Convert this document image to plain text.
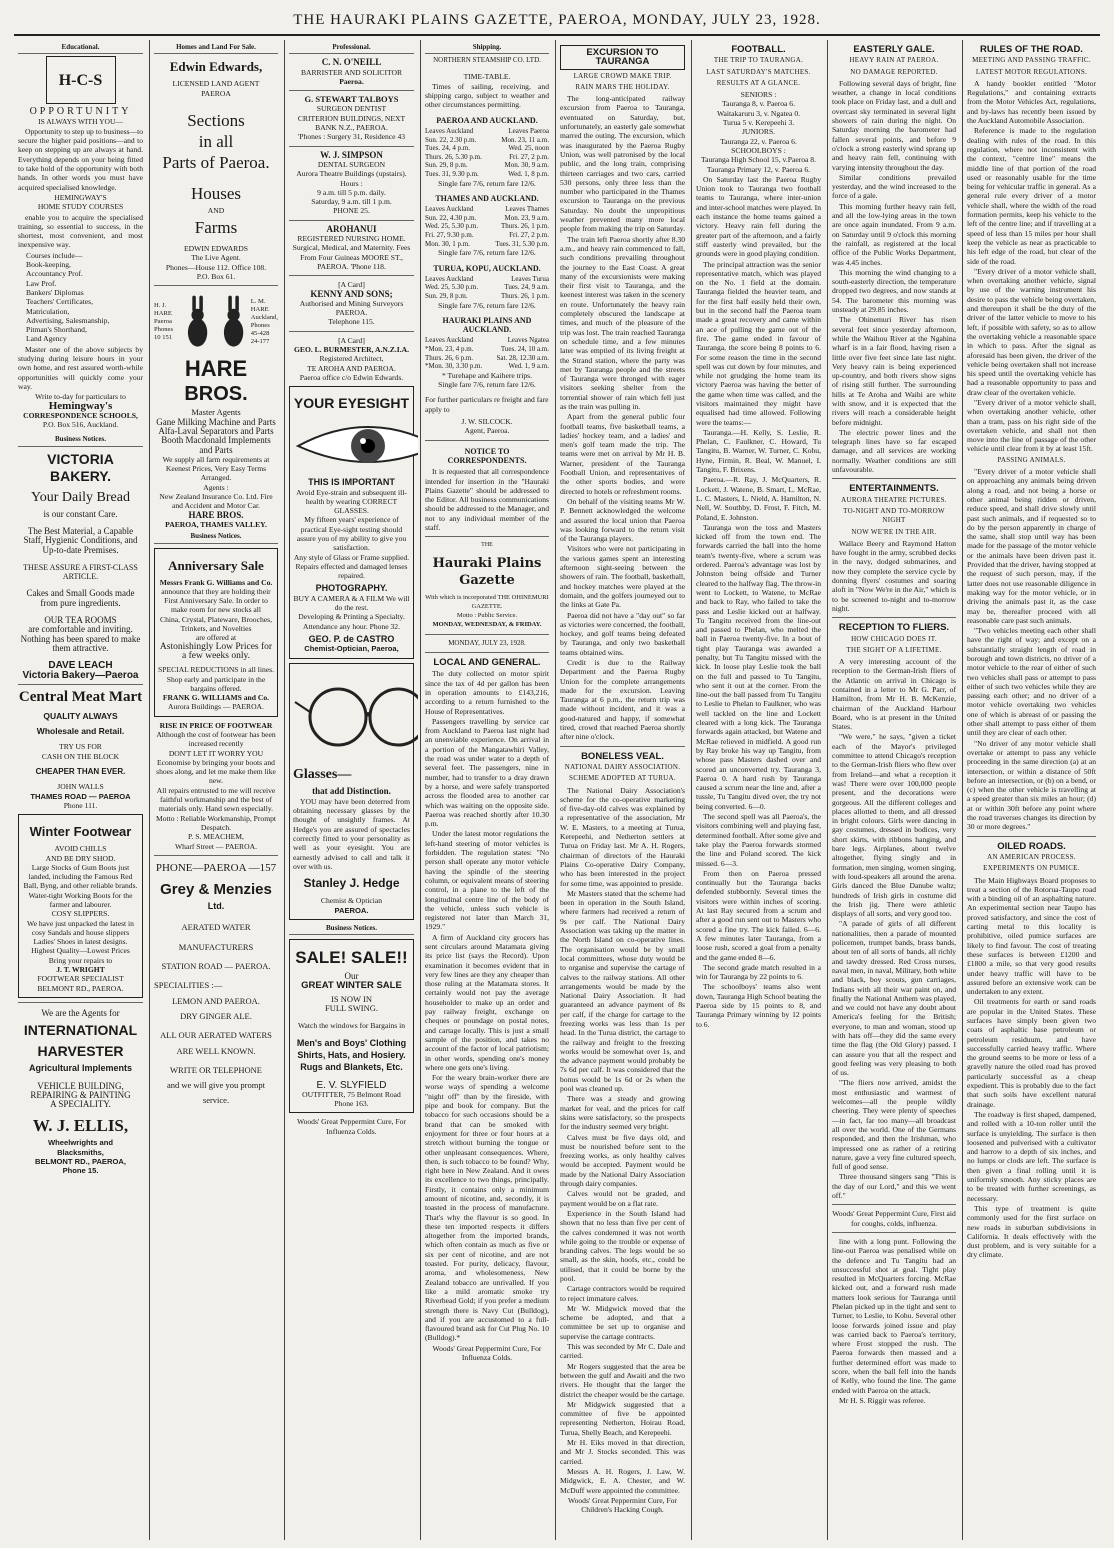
THE HAURAKI PLAINS GAZETTE, PAEROA, MONDAY, JULY 23, 1928.
Educational.
H-C-S
OPPORTUNITY
IS ALWAYS WITH YOU—
Opportunity to step up to business—to secure the higher paid positions—and to keep on stepping up are always at hand. Everything depends on your being fitted to take hold of the opportunity with both hands. In other words you must have acquired specialised knowledge.
HEMINGWAY'S
HOME STUDY COURSES
enable you to acquire the specialised training, so essential to success, in the shortest, most convenient, and most inexpensive way.
Courses include—
Book-keeping,
Accountancy Prof.
Law Prof.
Bankers' Diplomas
Teachers' Certificates,
Matriculation,
Advertising, Salesmanship,
Pitman's Shorthand,
Land Agency
Master one of the above subjects by studying during leisure hours in your own home, and rest assured worth-while opportunities will quickly come your way.
Write to-day for particulars to
Hemingway's
CORRESPONDENCE SCHOOLS,
P.O. Box 516, Auckland.
Business Notices.
VICTORIA BAKERY.
Your Daily Bread
is our constant Care.
The Best Material, a Capable Staff, Hygienic Conditions, and Up-to-date Premises.
THESE ASSURE A FIRST-CLASS ARTICLE.
Cakes and Small Goods made from pure ingredients.
OUR TEA ROOMS
are comfortable and inviting. Nothing has been spared to make them attractive.
DAVE LEACH
Victoria Bakery—Paeroa
Central Meat Mart
QUALITY ALWAYS
Wholesale and Retail.
TRY US FOR
CASH ON THE BLOCK
CHEAPER THAN EVER.
JOHN WALLS
THAMES ROAD — PAEROA
Phone 111.
Winter Footwear
AVOID CHILLS
AND BE DRY SHOD.
Large Stocks of Gum Boots just landed, including the Famous Red Ball, Byng, and other reliable brands.
Water-tight Working Boots for the farmer and labourer.
COSY SLIPPERS.
We have just unpacked the latest in cosy Sandals and house slippers Ladies' Shoes in latest designs. Highest Quality—Lowest Prices
Bring your repairs to
J. T. WRIGHT
FOOTWEAR SPECIALIST
BELMONT RD., PAEROA.
We are the Agents for
INTERNATIONAL
HARVESTER
Agricultural Implements
VEHICLE BUILDING,
REPAIRING & PAINTING
A SPECIALITY.
W. J. ELLIS,
Wheelwrights and
Blacksmiths,
BELMONT RD., PAEROA,
Phone 15.
Homes and Land For Sale.
Edwin Edwards,
LICENSED LAND AGENT
PAEROA
Sections
in all
Parts of Paeroa.
Houses
AND
Farms
EDWIN EDWARDS
The Live Agent.
Phones—House 112. Office 108.
P.O. Box 61.
H. J. HARE Paeroa Phones 10 151
L. M. HARE Auckland, Phones 45-428 24-177
HARE
BROS.
Master Agents
Gane Milking Machine and Parts
Alfa-Laval Separators and Parts
Booth Macdonald Implements and Parts
We supply all farm requirements at Keenest Prices, Very Easy Terms Arranged.
Agents :
New Zealand Insurance Co. Ltd. Fire and Accident and Motor Car.
HARE BROS.
PAEROA, THAMES VALLEY.
Business Notices.
Anniversary Sale
Messrs Frank G. Williams and Co.
announce that they are holding their First Anniversary Sale. In order to make room for new stocks all
China, Crystal, Plateware, Brooches, Trinkets, and Novelties
are offered at
Astonishingly Low Prices for a few weeks only.
SPECIAL REDUCTIONS in all lines.
Shop early and participate in the bargains offered.
FRANK G. WILLIAMS and Co.
Aurora Buildings — PAEROA.
RISE IN PRICE OF FOOTWEAR
Although the cost of footwear has been increased recently
DON'T LET IT WORRY YOU
Economise by bringing your boots and shoes along, and let me make them like new.
All repairs entrusted to me will receive faithful workmanship and the best of materials only. Hand sewn especially.
Motto : Reliable Workmanship, Prompt Despatch.
P. S. MEACHEM,
Wharf Street — PAEROA.
PHONE—PAEROA —157
Grey & Menzies
Ltd.
AERATED WATER
MANUFACTURERS
STATION ROAD — PAEROA.
SPECIALITIES :—
LEMON AND PAEROA.
DRY GINGER ALE.
ALL OUR AERATED WATERS
ARE WELL KNOWN.
WRITE OR TELEPHONE
and we will give you prompt
service.
Professional.
C. N. O'NEILL
BARRISTER AND SOLICITOR
Paeroa.
G. STEWART TALBOYS
SURGEON DENTIST
CRITERION BUILDINGS, NEXT BANK N.Z., PAEROA.
'Phones : Surgery 31, Residence 43
W. J. SIMPSON
DENTAL SURGEON
Aurora Theatre Buildings (upstairs).
Hours :
9 a.m. till 5 p.m. daily.
Saturday, 9 a.m. till 1 p.m.
PHONE 25.
AROHANUI
REGISTERED NURSING HOME.
Surgical, Medical, and Maternity. Fees From Four Guineas MOORE ST., PAEROA. 'Phone 118.
[A Card]
KENNY AND SONS;
Authorised and Mining Surveyors PAEROA.
Telephone 115.
[A Card]
GEO. L. BURMESTER, A.N.Z.I.A.
Registered Architect,
TE AROHA AND PAEROA.
Paeroa office c/o Edwin Edwards.
YOUR EYESIGHT
THIS IS IMPORTANT
Avoid Eye-strain and subsequent ill-health by wearing CORRECT GLASSES.
My fifteen years' experience of practical Eye-sight testing should assure you of my ability to give you satisfaction.
Any style of Glass or Frame supplied.
Repairs effected and damaged lenses repaired.
PHOTOGRAPHY.
BUY A CAMERA & A FILM We will do the rest.
Developing & Printing a Specialty.
Attendance any hour. Phone 32.
GEO. P. de CASTRO
Chemist-Optician, Paeroa,
Glasses—
that add Distinction.
YOU may have been deterred from obtaining necessary glasses by the thought of unsightly frames. At Hedge's you are assured of spectacles correctly fitted to your personality as well as your eyesight. You are earnestly advised to call and talk it over with us.
Stanley J. Hedge
Chemist & Optician
PAEROA.
Business Notices.
SALE! SALE!!
Our
GREAT WINTER SALE
IS NOW IN
FULL SWING.
Watch the windows for Bargains in
Men's and Boys' Clothing Shirts, Hats, and Hosiery. Rugs and Blankets, Etc.
E. V. SLYFIELD
OUTFITTER, 75 Belmont Road Phone 163.
Woods' Great Peppermint Cure, For Influenza Colds.
Shipping.
NORTHERN STEAMSHIP CO. LTD.
TIME-TABLE.
Times of sailing, receiving, and shipping cargo, subject to weather and other circumstances permitting.
PAEROA AND AUCKLAND.
Leaves Auckland	Leaves Paeroa
Sun. 22, 2.30 p.m.	Mon. 23, 11 a.m.
Tues. 24, 4 p.m.	Wed. 25, noon
Thurs. 26, 5.30 p.m.	Fri. 27, 2 p.m.
Sun. 29, 8 p.m.	Mon. 30, 9 a.m.
Tues. 31, 9.30 p.m.	Wed. 1, 8 p.m.
Single fare 7/6, return fare 12/6.
THAMES AND AUCKLAND.
Leaves Auckland	Leaves Thames
Sun. 22, 4.30 p.m.	Mon. 23, 9 a.m.
Wed. 25, 5.30 p.m.	Thurs. 26, 1 p.m.
Fri. 27, 9.30 p.m.	Fri. 27, 2 p.m.
Mon. 30, 1 p.m.	Tues. 31, 5.30 p.m.
Single fare 7/6, return fare 12/6.
TURUA, KOPU, AUCKLAND.
Leaves Auckland	Leaves Turua
Wed. 25, 5.30 p.m.	Tues. 24, 9 a.m.
Sun. 29, 8 p.m.	Thurs. 26, 1 p.m.
Single fare 7/6, return fare 12/6.
HAURAKI PLAINS AND AUCKLAND.
Leaves Auckland	Leaves Ngatea
*Mon. 23, 4 p.m.	Tues. 24, 10 a.m.
Thurs. 26, 6 p.m.	Sat. 28, 12.30 a.m.
*Mon. 30, 3.30 p.m.	Wed. 1, 9 a.m.
* Turehape and Kaihere trips.
Single fare 7/6, return fare 12/6.
For further particulars re freight and fare apply to
J. W. SILCOCK.
Agent, Paeroa.
NOTICE TO CORRESPONDENTS.
It is requested that all correspondence intended for insertion in the "Hauraki Plains Gazette" should be addressed to the Editor. All business communications should be addressed to the Manager, and not to any individual member of the staff.
THE
Hauraki Plains Gazette
With which is incorporated THE OHINEMURI GAZETTE.
Motto : Public Service.
MONDAY, WEDNESDAY, & FRIDAY.
MONDAY, JULY 23, 1928.
LOCAL AND GENERAL.
The duty collected on motor spirit since the tax of 4d per gallon has been in operation amounts to £143,216, according to a return furnished to the House of Representatives.
Passengers travelling by service car from Auckland to Paeroa last night had an unenviable experience. On arrival in a portion of the Mangatawhiri Valley, the road was under water to a depth of several feet. The passengers, nine in number, had to transfer to a dray drawn by a horse, and were safely transported across the flooded area to another car which was waiting on the opposite side. Paeroa was reached shortly after 10.30 p.m.
Under the latest motor regulations the left-hand steering of motor vehicles is forbidden. The regulation states: "No person shall operate any motor vehicle having the spindle of the steering column, or equivalent means of steering control, in a plane to the left of the longitudinal centre line of the body of the vehicle, unless such vehicle is registered not later than March 31, 1929."
A firm of Auckland city grocers has sent circulars around Matamata giving its price list (says the Record). Upon examination it becomes evident that in very few lines are they any cheaper than those ruling at the Matamata stores. It certainly would not pay the average householder to make up an order and pay railway freight, exchange on cheques or poundage on postal notes, and cartage locally. This is just a small sample of the position, and takes no account of the factor of local patriotism; in other words, spending one's money where one gets one's living.
For the weary brain-worker there are worse ways of spending a welcome "night off" than by the fireside, with pipe and book for company. But the tobacco for such occasions should be a brand that can be smoked with enjoyment for three or four hours at a stretch without burning the tongue or other unpleasant consequences. Where, then, is such tobacco to be found? Why, right here in New Zealand. And it owes its excellence to two things, principally. Firstly, it contains only a minimum amount of nicotine, and, secondly, it is toasted in the process of manufacture. That's why the flavour is so good. In these ten imported respects it differs altogether from the imported brands, which often contain as much as five or six per cent of nicotine, and are not toasted. For purity, delicacy, flavour, aroma, and wholesomeness, New Zealand tobacco are unrivalled. If you like a mild aromatic smoke try Riverhead Gold; if you prefer a medium strength there is Navy Cut (Bulldog), and if you are accustomed to a full-flavoured brand ask for Cut Plug No. 10 (Bulldog).*
Woods' Great Peppermint Cure, For Influenza Colds.
EXCURSION TO TAURANGA
LARGE CROWD MAKE TRIP.
RAIN MARS THE HOLIDAY.
The long-anticipated railway excursion from Paeroa to Tauranga, eventuated on Saturday, but, unfortunately, an easterly gale somewhat marred the outing. The excursion, which was inaugurated by the Paeroa Rugby Union, was well patronised by the local public, and the long train, comprising thirteen carriages and two cars, carried 530 persons, only three less than the number who participated in the Thames excursion to Tauranga on the previous Saturday. No doubt the unpropitious weather prevented many more local people from making the trip on Saturday.
The train left Paeroa shortly after 8.30 a.m., and heavy rain commenced to fall, such conditions prevailing throughout the journey to the East Coast. A great many of the excursionists were making their first visit to Tauranga, and the keenest interest was taken in the scenery en route. Unfortunately the heavy rain completely obscured the landscape at times, and much of the pleasure of the trip was lost. The train reached Tauranga on schedule time, and a few minutes later was emptied of its living freight at the Strand station, where the party was met by Tauranga people and the streets of Tauranga were thronged with eager visitors seeking shelter from the torrential shower of rain which fell just as the train was pulling in.
Apart from the general public four football teams, five basketball teams, a ladies' hockey team, and a ladies' and men's golf team made the trip. The teams were met on arrival by Mr H. B. Warner, president of the Tauranga Football Union, and representatives of the other sports bodies, and were directed to hotels or refreshment rooms.
On behalf of the visiting teams Mr W. P. Bennett acknowledged the welcome and assured the local union that Paeroa was looking forward to the return visit of the Tauranga players.
Visitors who were not participating in the various games spent an interesting afternoon sight-seeing between the showers of rain. The football, basketball, and hockey matches were played at the domain, and the golfers journeyed out to the links at Gate Pa.
Paeroa did not have a "day out" so far as victories were concerned, the football, hockey, and golf teams being defeated by Tauranga, and only two basketball teams obtained wins.
Credit is due to the Railway Department and the Paeroa Rugby Union for the complete arrangements made for the excursion. Leaving Tauranga at 6 p.m., the return trip was made without incident, and it was a good-natured and happy, if somewhat tired, crowd that reached Paeroa shortly after nine o'clock.
BONELESS VEAL.
NATIONAL DAIRY ASSOCIATION.
SCHEME ADOPTED AT TURUA.
The National Dairy Association's scheme for the co-operative marketing of five-day-old calves was explained by a representative of the association, Mr W. E. Masters, to a meeting at Turua, Kerepeehi, and Netherton settlers at Turua on Friday last. Mr A. H. Rogers, chairman of directors of the Hauraki Plains Co-operative Dairy Company, who has been interested in the project for some time, was appointed to preside.
Mr Masters stated that the scheme had been in operation in the South Island, where farmers had received a return of 9s per calf. The National Dairy Association was taking up the matter in the North Island on co-operative lines. The organisation would be by small local committees, whose duty would be to organise and supervise the cartage of calves to the railway stations. All other arrangements would be made by the National Dairy Association. It had guaranteed an advance payment of 8s per calf, if the charge for cartage to the freezing works was less than 1s per head. In the Turua district, the cartage to the railway and freight to the freezing works would be somewhat over 1s, and the advance payment would probably be 7s 6d per calf. It was considered that the bonus would be 1s 6d or 2s when the pool was cleaned up.
There was a steady and growing market for veal, and the prices for calf skins were satisfactory, so the prospects for the industry seemed very bright.
Calves must be five days old, and must be nourished before sent to the freezing works, as only healthy calves would be accepted. Payment would be made by the National Dairy Association through dairy companies.
Calves would not be graded, and payment would be on a flat rate.
Experience in the South Island had shown that no less than five per cent of the calves condemned it was not worth while going to the trouble or expense of branding calves. The legs would be so small, as the skin, hoofs, etc., could be utilised, that it could be borne by the pool.
Cartage contractors would be required to reject immature calves.
Mr W. Midgwick moved that the scheme be adopted, and that a committee be set up to organise and supervise the cartage contracts.
This was seconded by Mr C. Dale and carried.
Mr Rogers suggested that the area be between the gulf and Awaiti and the two rivers. He thought that the larger the district the cheaper would be the cartage.
Mr Midgwick suggested that a committee of five be appointed representing Netherton, Hoirau Road, Turua, Shelly Beach, and Kerepeehi.
Mr H. Eiks moved in that direction, and Mr J. Stocks seconded. This was carried.
Messrs A. H. Rogers, J. Law, W. Midgwick, E. A. Chester, and W. McDuff were appointed the committee.
Woods' Great Peppermint Cure, For Children's Hacking Cough.
FOOTBALL.
THE TRIP TO TAURANGA.
LAST SATURDAY'S MATCHES.
RESULTS AT A GLANCE.
SENIORS :
Tauranga 8, v. Paeroa 6.
Waitakaruru 3, v. Ngatea 0.
Turua 5 v. Kerepeehi 3.
JUNIORS.
Tauranga 22, v. Paeroa 6.
SCHOOLBOYS :
Tauranga High School 15, v.Paeroa 8.
Tauranga Primary 12, v. Paeroa 6.
On Saturday last the Paeroa Rugby Union took to Tauranga two football teams to Tauranga, where inter-union and inter-school matches were played. In each instance the home teams gained a victory. Heavy rain fell during the greater part of the afternoon, and a fairly stiff easterly wind prevailed, but the grounds were in good playing condition.
The principal attraction was the senior representative match, which was played on the No. 1 field at the domain. Tauranga fielded the heavier team, and for the first half easily held their own, but in the second half the Paeroa team made a great recovery and came within an ace of pulling the game out of the fire. The game ended in favour of Tauranga, the score being 8 points to 6. For some reason the time in the second spell was cut down by four minutes, and while not grudging the home team its victory Paeroa was having the better of the game when time was called, and the visitors maintained they might have equalised had time allowed. Following were the teams:—
Tauranga.—H. Kelly, S. Leslie, R. Phelan, C. Faulkner, C. Howard, Tu Tangitu, B. Warner, W. Turner, C. Kohu, Hyne, Firmin, R. Beal, W. Manuel, I. Tangitu, F. Brixens.
Paeroa.—R. Ray, J. McQuarters, R. Lockett, J. Watene, B. Smart, L. McRae, L. C. Masters, L. Nield, A. Hamilton, N. Nell, W. Southby, D. Frost, F. Fitch, M. Poland, E. Johnston.
Tauranga won the toss and Masters kicked off from the town end. The forwards carried the ball into the home team's twenty-five, where a scrum was ordered. Paeroa's advantage was lost by Johnston being offside and Turner cleared to the halfway flag. The throw-in went to Lockett, to Watene, to McRae and back to Ray, who failed to take the pass and Leslie kicked out at halfway. Tu Tangitu received from the line-out and passed to Phelan, who melted the ball in Paeroa twenty-five. In a bout of tight play Tauranga was awarded a penalty, but Tu Tangitu missed with the kick. In loose play Leslie took the ball on the full and passed to Tu Tangitu, who sent it out at the corner. From the line-out the ball passed from Tu Tangitu to Leslie to Phelan to Faulkner, who was well tackled on the line and Lockett cleared with a long kick. The Tauranga forwards again attacked, but Watene and McRae relieved in midfield. A good run by Ray broke his way up Tangitu, from whose pass Masters dashed over and scored an unconverted try. Tauranga 3, Paeroa 0. A hard rush by Tauranga caused a scrum near the line and, after a tussle, Tu Tangitu dived over, the try not being converted. 6—0.
The second spell was all Paeroa's, the visitors combining well and playing fast, determined football. After some give and take play the Paeroa forwards stormed the line and Poland scored. The kick missed. 6—3.
From then on Paeroa pressed continually but the Tauranga backs defended stubbornly. Several times the visitors were within inches of scoring. At last Ray secured from a scrum and after a good run sent out to Masters who scored a fine try. The kick failed. 6—6. A few minutes later Tauranga, from a loose rush, scored a goal from a penalty and the game ended 8—6.
The second grade match resulted in a win for Tauranga by 22 points to 6.
The schoolboys' teams also went down, Tauranga High School beating the Paeroa side by 15 points to 8, and Tauranga Primary winning by 12 points to 6.
EASTERLY GALE.
HEAVY RAIN AT PAEROA.
NO DAMAGE REPORTED.
Following several days of bright, fine weather, a change in local conditions took place on Friday last, and a dull and overcast sky terminated in several light showers of rain during the night. On Saturday morning the barometer had fallen several points, and before 9 o'clock a strong easterly wind sprang up and heavy rain fell, continuing with varying intensity throughout the day.
Similar conditions prevailed yesterday, and the wind increased to the force of a gale.
This morning further heavy rain fell, and all the low-lying areas in the town are once again inundated. From 9 a.m. on Saturday until 9 o'clock this morning the rainfall, as registered at the local office of the Public Works Department, was 4.45 inches.
This morning the wind changing to a south-easterly direction, the temperature dropped two degrees, and now stands at 54. The barometer this morning was unsteady at 29.85 inches.
The Ohinemuri River has risen several feet since yesterday afternoon, while the Waihou River at the Ngahina wharf is in a fair flood, having risen a little over five feet since late last night. Very heavy rain is being experienced up-country, and both rivers show signs of rising still further. The surrounding hills at Te Aroha and Waihi are white with snow, and it is expected that the rivers will reach a considerable height before midnight.
The electric power lines and the telegraph lines have so far escaped damage, and all services are working normally. Weather conditions are still unfavourable.
ENTERTAINMENTS.
AURORA THEATRE PICTURES.
TO-NIGHT AND TO-MORROW NIGHT
NOW WE'RE IN THE AIR.
Wallace Beery and Raymond Hatton have fought in the army, scrubbed decks in the navy, dodged submarines, and now they complete the service cycle by donning flyers' costumes and soaring aloft in "Now We're in the Air," which is to be screened to-night and to-morrow night.
RECEPTION TO FLIERS.
HOW CHICAGO DOES IT.
THE SIGHT OF A LIFETIME.
A very interesting account of the reception to the German-Irish fliers of the Atlantic on arrival in Chicago is contained in a letter to Mr G. Parr, of Hamilton, from Mr H. B. McKenzie, chairman of the Auckland Harbour Board, who is at present in the United States.
"We were," he says, "given a ticket each of the Mayor's privileged committee to attend Chicago's reception to the German-Irish fliers who flew over from Ireland—and what a reception it was! There were over 100,000 people present, and the decorations were gorgeous. All the different colleges and places allotted to them, and all dressed in bright colours. Girls were dancing in gay costumes, dressed in bodices, very short skirts, with ribbons hanging, and bare legs. Airplanes, about twelve altogether, flying singly and in formation, men singing, women singing, with loud-speakers all around the arena. Girls danced the Blue Danube waltz; hundreds of Irish girls in costume did the Irish jig. There were athletic displays of all sorts, and very good too.
"A parade of girls of all different nationalities, then a parade of mounted policemen, trumpet bands, brass bands, about ten of all sorts of bands, all richly and tawdry dressed. Red Cross nurses, naval men, in naval, Military, both white and black, boy scouts, gun carriages, Indians with all their war paint on, and finally the National Anthem was played, and we could not have any doubt about America's feeling for the British; everyone, to man and woman, stood up with hats off—they did the same every time the flag (the Old Glory) passed. I can assure you that all the respect and good feeling was very pleasing to both of us.
"The fliers now arrived, amidst the most enthusiastic and warmest of welcomes—all the people wildly cheering. They were plenty of speeches—in fact, far too many—all broadcast all over the world. One of the Germans responded, and then the Irishman, who impressed one as rather of a retiring nature, gave a very fine cultured speech, full of good sense.
Three thousand singers sang "This is the day of our Lord," and this we went off."
Woods' Great Peppermint Cure, First aid for coughs, colds, influenza.
line with a long punt. Following the line-out Paeroa was penalised while on the defence and Tu Tangitu had an unsuccessful shot at goal. Tight play resulted in McQuarters forcing. McRae kicked out, and a forward rush made matters look serious for Tauranga until Phelan picked up in the tight and sent to Turner, to Leslie, to Kohu. Several other loose forwards joined issue and play was carried back to Paeroa's territory, where Frost stopped the rush. The Paeroa forwards then massed and a further determined effort was made to score, when the ball fell into the hands of Kelly, who found the line. The game ended with Paeroa on the attack.
Mr H. S. Riggir was referee.
RULES OF THE ROAD.
MEETING AND PASSING TRAFFIC.
LATEST MOTOR REGULATIONS.
A handy booklet entitled "Motor Regulations," and containing extracts from the Motor Vehicles Act, regulations, and by-laws has recently been issued by the Auckland Automobile Association.
Reference is made to the regulation dealing with rules of the road. In this regulation, where not inconsistent with the context, "centre line" means the middle line of that portion of the road used or reasonably usable for the time being for vehicular traffic in general. As a general rule every driver of a motor vehicle shall, where the width of the road formation permits, keep his vehicle to the left of the centre line; and if travelling at a speed of less than 15 miles per hour shall keep the vehicle as near as practicable to his left edge of the road, but clear of the side of the road.
"Every driver of a motor vehicle shall, when overtaking another vehicle, signal by use of the warning instrument his desire to pass the vehicle being overtaken, and thereupon it shall be the duty of the driver of the latter vehicle to move to his left, if possible with safety, so as to allow the overtaking vehicle a reasonable space in which to pass. After the signal as aforesaid has been given, the driver of the vehicle being overtaken shall not increase his speed until the overtaking vehicle has had a reasonable opportunity to pass and draw clear of the overtaken vehicle.
"Every driver of a motor vehicle shall, when overtaking another vehicle, other than a tram, pass on his right side of the overtaken vehicle, and shall not then move into the line of passage of the other vehicle until clear from it by at least 15ft.
PASSING ANIMALS.
"Every driver of a motor vehicle shall on approaching any animals being driven along a road, and not being a horse or other animal being ridden or driven, reduce speed, and shall drive slowly until past such animals, and if requested so to do by the person apparently in charge of the same, shall stop until way has been made for the passage of the motor vehicle or the animals have been driven past it. Provided that the driver, having stopped at the request of such person, may, if the latter does not use reasonable diligence in making way for the motor vehicle, or in driving the animals past it, as the case may be, thereafter proceed with all reasonable care past such animals.
"Two vehicles meeting each other shall have the right of way; and except on a substantially straight length of road in borough and town districts, no driver of a motor vehicle to the rear of either of such two vehicles shall pass or attempt to pass either of such two vehicles while they are passing each other; and no driver of a motor vehicle overtaking two vehicles one of which is abreast of or passing the other shall attempt to pass either of them until they are clear of each other.
"No driver of any motor vehicle shall overtake or attempt to pass any vehicle proceeding in the same direction (a) at an intersection, or within a distance of 50ft before an intersection, or (b) on a bend, or (c) when the other vehicle is travelling at a speed greater than six miles an hour; (d) at or within 30ft before any point where the road traverses changes its direction by 30 or more degrees."
OILED ROADS.
AN AMERICAN PROCESS.
EXPERIMENTS ON PUMICE.
The Main Highways Board proposes to treat a section of the Rotorua-Taupo road with a binding oil of an asphalting nature. An experimental section near Taupo has proved satisfactory, and since the cost of carting metal to this locality is prohibitive, oiled pumice surfaces are likely to find favour. The cost of treating these surfaces is between £1200 and £1800 a mile, so that very good results under heavy traffic will have to be assured before an extensive work can be undertaken to any extent.
Oil treatments for earth or sand roads are popular in the United States. These surfaces have simply been given two coats of asphaltic base petroleum or petroleum residuum, and have successfully carried heavy traffic. Where the ground seems to be more or less of a gravelly nature the oiled road has proved particularly successful as a cheap expedient. This is probably due to the fact that such soils have excellent natural drainage.
The roadway is first shaped, dampened, and rolled with a 10-ton roller until the surface is unyielding. The surface is then loosened and pulverised with a cultivator and harrow to a depth of six inches, and no lumps or clods are left. The surface is then given a final rolling until it is uniformly smooth. Any sticky places are to be treated with further screenings, as necessary.
This type of treatment is quite commonly used for the first surface on new roads in suburban subdivisions in California. It deals effectively with the dust problem, and is very suitable for a dry climate.
